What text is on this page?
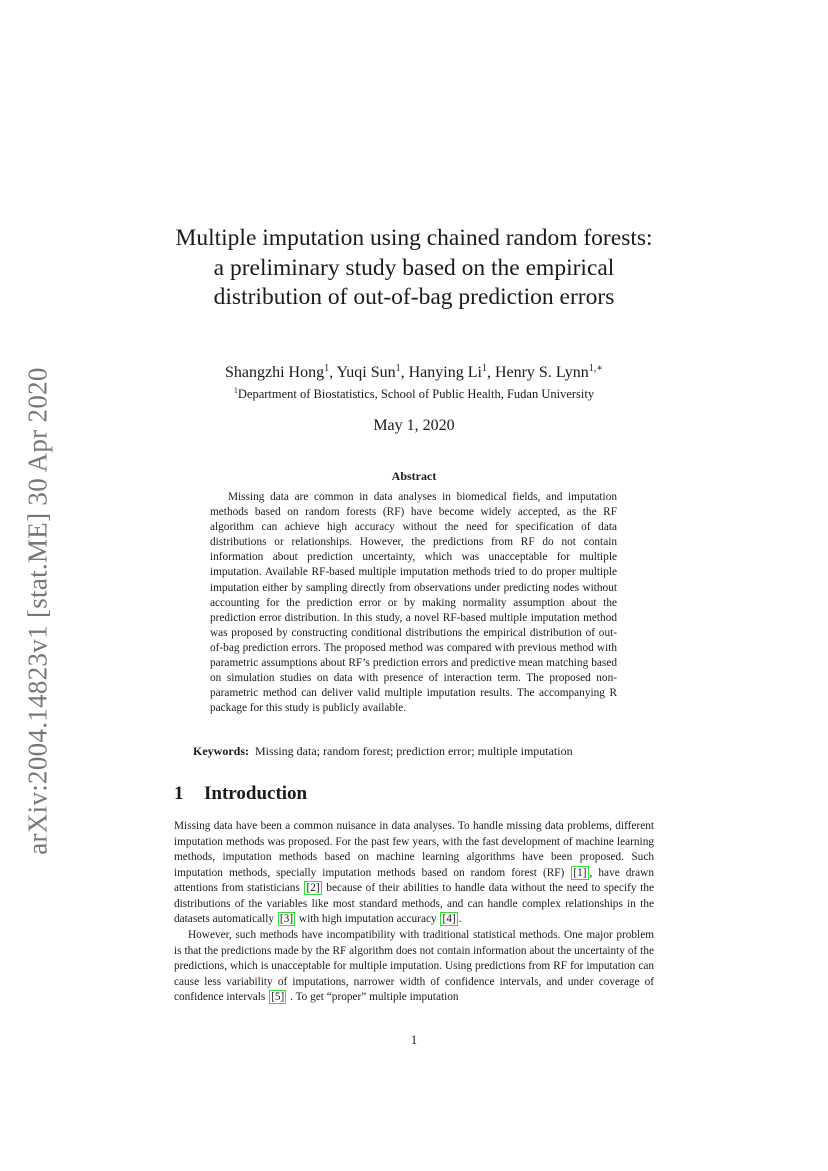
arXiv:2004.14823v1 [stat.ME] 30 Apr 2020
Multiple imputation using chained random forests: a preliminary study based on the empirical distribution of out-of-bag prediction errors
Shangzhi Hong$^1$, Yuqi Sun$^1$, Hanying Li$^1$, Henry S. Lynn$^{1,∗}$
$^1$Department of Biostatistics, School of Public Health, Fudan University
May 1, 2020
Abstract

Missing data are common in data analyses in biomedical fields, and imputation methods based on random forests (RF) have become widely accepted, as the RF algorithm can achieve high accuracy without the need for specification of data distributions or relationships. However, the predictions from RF do not contain information about prediction uncertainty, which was unacceptable for multiple imputation. Available RF-based multiple imputation methods tried to do proper multiple imputation either by sampling directly from observations under predicting nodes without accounting for the prediction error or by making normality assumption about the prediction error distribution. In this study, a novel RF-based multiple imputation method was proposed by constructing conditional distributions the empirical distribution of out-of-bag prediction errors. The proposed method was compared with previous method with parametric assumptions about RF’s prediction errors and predictive mean matching based on simulation studies on data with presence of interaction term. The proposed non-parametric method can deliver valid multiple imputation results. The accompanying R package for this study is publicly available.

Keywords: Missing data; random forest; prediction error; multiple imputation
1 Introduction

Missing data have been a common nuisance in data analyses. To handle missing data problems, different imputation methods was proposed. For the past few years, with the fast development of machine learning methods, imputation methods based on machine learning algorithms have been proposed. Such imputation methods, specially imputation methods based on random forest (RF) [1] , have drawn attentions from statisticians [2] because of their abilities to handle data without the need to specify the distributions of the variables like most standard methods, and can handle complex relationships in the datasets automatically [3] with high imputation accuracy [4] .

However, such methods have incompatibility with traditional statistical methods. One major problem is that the predictions made by the RF algorithm does not contain information about the uncertainty of the predictions, which is unacceptable for multiple imputation. Using predictions from RF for imputation can cause less variability of imputations, narrower width of confidence intervals, and under coverage of confidence intervals [5] . To get “proper” multiple imputation

1
